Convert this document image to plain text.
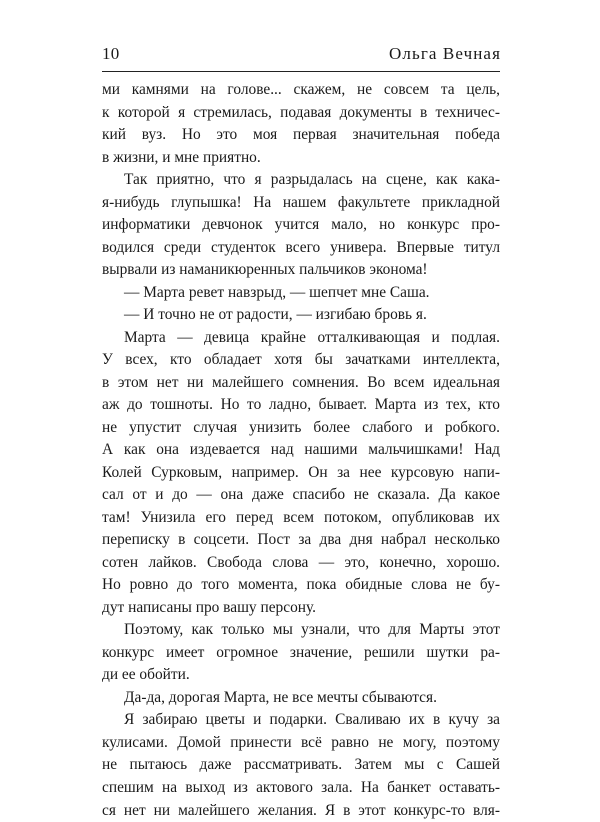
10	Ольга Вечная
ми камнями на голове... скажем, не совсем та цель,
к которой я стремилась, подавая документы в техничес-
кий вуз. Но это моя первая значительная победа
в жизни, и мне приятно.
Так приятно, что я разрыдалась на сцене, как кака-
я-нибудь глупышка! На нашем факультете прикладной
информатики девчонок учится мало, но конкурс про-
водился среди студенток всего универа. Впервые титул
вырвали из наманикюренных пальчиков эконома!
— Марта ревет навзрыд, — шепчет мне Саша.
— И точно не от радости, — изгибаю бровь я.
Марта — девица крайне отталкивающая и подлая.
У всех, кто обладает хотя бы зачатками интеллекта,
в этом нет ни малейшего сомнения. Во всем идеальная
аж до тошноты. Но то ладно, бывает. Марта из тех, кто
не упустит случая унизить более слабого и робкого.
А как она издевается над нашими мальчишками! Над
Колей Сурковым, например. Он за нее курсовую напи-
сал от и до — она даже спасибо не сказала. Да какое
там! Унизила его перед всем потоком, опубликовав их
переписку в соцсети. Пост за два дня набрал несколько
сотен лайков. Свобода слова — это, конечно, хорошо.
Но ровно до того момента, пока обидные слова не бу-
дут написаны про вашу персону.
Поэтому, как только мы узнали, что для Марты этот
конкурс имеет огромное значение, решили шутки ра-
ди ее обойти.
Да-да, дорогая Марта, не все мечты сбываются.
Я забираю цветы и подарки. Сваливаю их в кучу за
кулисами. Домой принести всё равно не могу, поэтому
не пытаюсь даже рассматривать. Затем мы с Сашей
спешим на выход из актового зала. На банкет оставать-
ся нет ни малейшего желания. Я в этот конкурс-то вля-
